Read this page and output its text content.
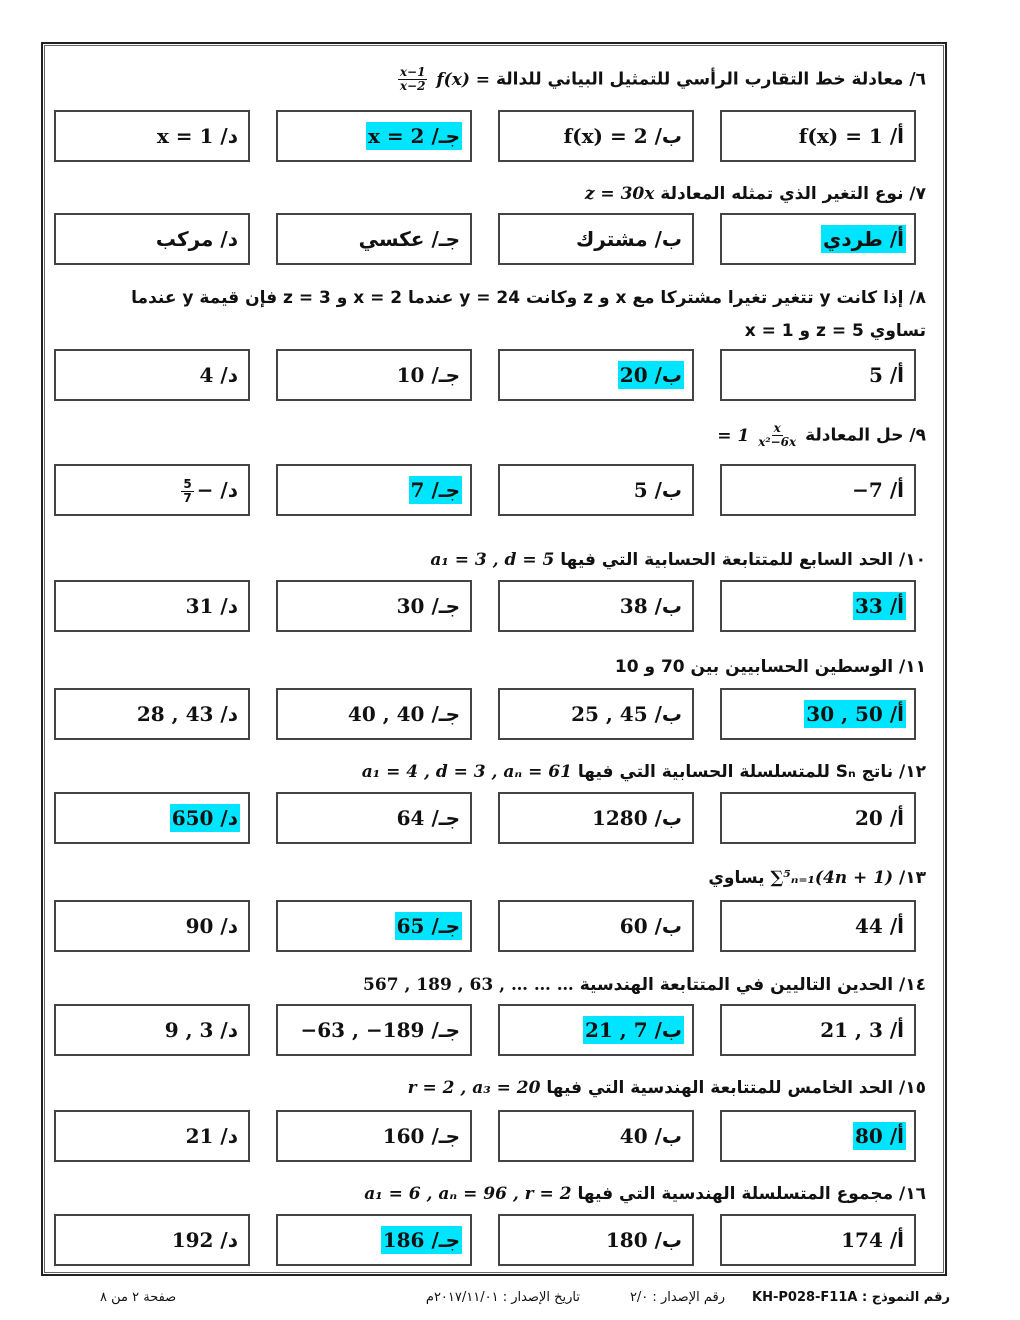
٦/ معادلة خط التقارب الرأسي للتمثيل البياني للدالة f(x) =
$\frac{x-1}{x-2}$
أ/ f(x) = 1
ب/ f(x) = 2
جـ/ x = 2
د/ x = 1
٧/ نوع التغير الذي تمثله المعادلة z = 30x
أ/ طردي
ب/ مشترك
جـ/ عكسي
د/ مركب
٨/ إذا كانت y تتغير تغيرا مشتركا مع x و z وكانت y = 24 عندما x = 2 و z = 3 فإن قيمة y عندما
x = 1 و z = 5 تساوي
أ/ 5
ب/ 20
جـ/ 10
د/ 4
٩/ حل المعادلة
$\frac{x}{\text{x²−6x}}$
= 1
أ/ −7
ب/ 5
جـ/ 7
د/ −
$\frac{5}{7}$
١٠/ الحد السابع للمتتابعة الحسابية التي فيها a₁ = 3 , d = 5
أ/ 33
ب/ 38
جـ/ 30
د/ 31
١١/ الوسطين الحسابيين بين 70 و 10
أ/ 30 , 50
ب/ 25 , 45
جـ/ 40 , 40
د/ 28 , 43
١٢/ ناتج Sₙ للمتسلسلة الحسابية التي فيها a₁ = 4 , d = 3 , aₙ = 61
أ/ 20
ب/ 1280
جـ/ 64
د/ 650
١٣/ ∑⁵ₙ₌₁(4n + 1) يساوي
أ/ 44
ب/ 60
جـ/ 65
د/ 90
١٤/ الحدين التاليين في المتتابعة الهندسية 567 , 189 , 63 , … … …
أ/ 21 , 3
ب/ 21 , 7
جـ/ −63 , −189
د/ 9 , 3
١٥/ الحد الخامس للمتتابعة الهندسية التي فيها r = 2 , a₃ = 20
أ/ 80
ب/ 40
جـ/ 160
د/ 21
١٦/ مجموع المتسلسلة الهندسية التي فيها a₁ = 6 , aₙ = 96 , r = 2
أ/ 174
ب/ 180
جـ/ 186
د/ 192
رقم النموذج : KH-P028-F11A
رقم الإصدار : ٢/٠
تاريخ الإصدار : ٢٠١٧/١١/٠١م
صفحة ٢ من ٨
